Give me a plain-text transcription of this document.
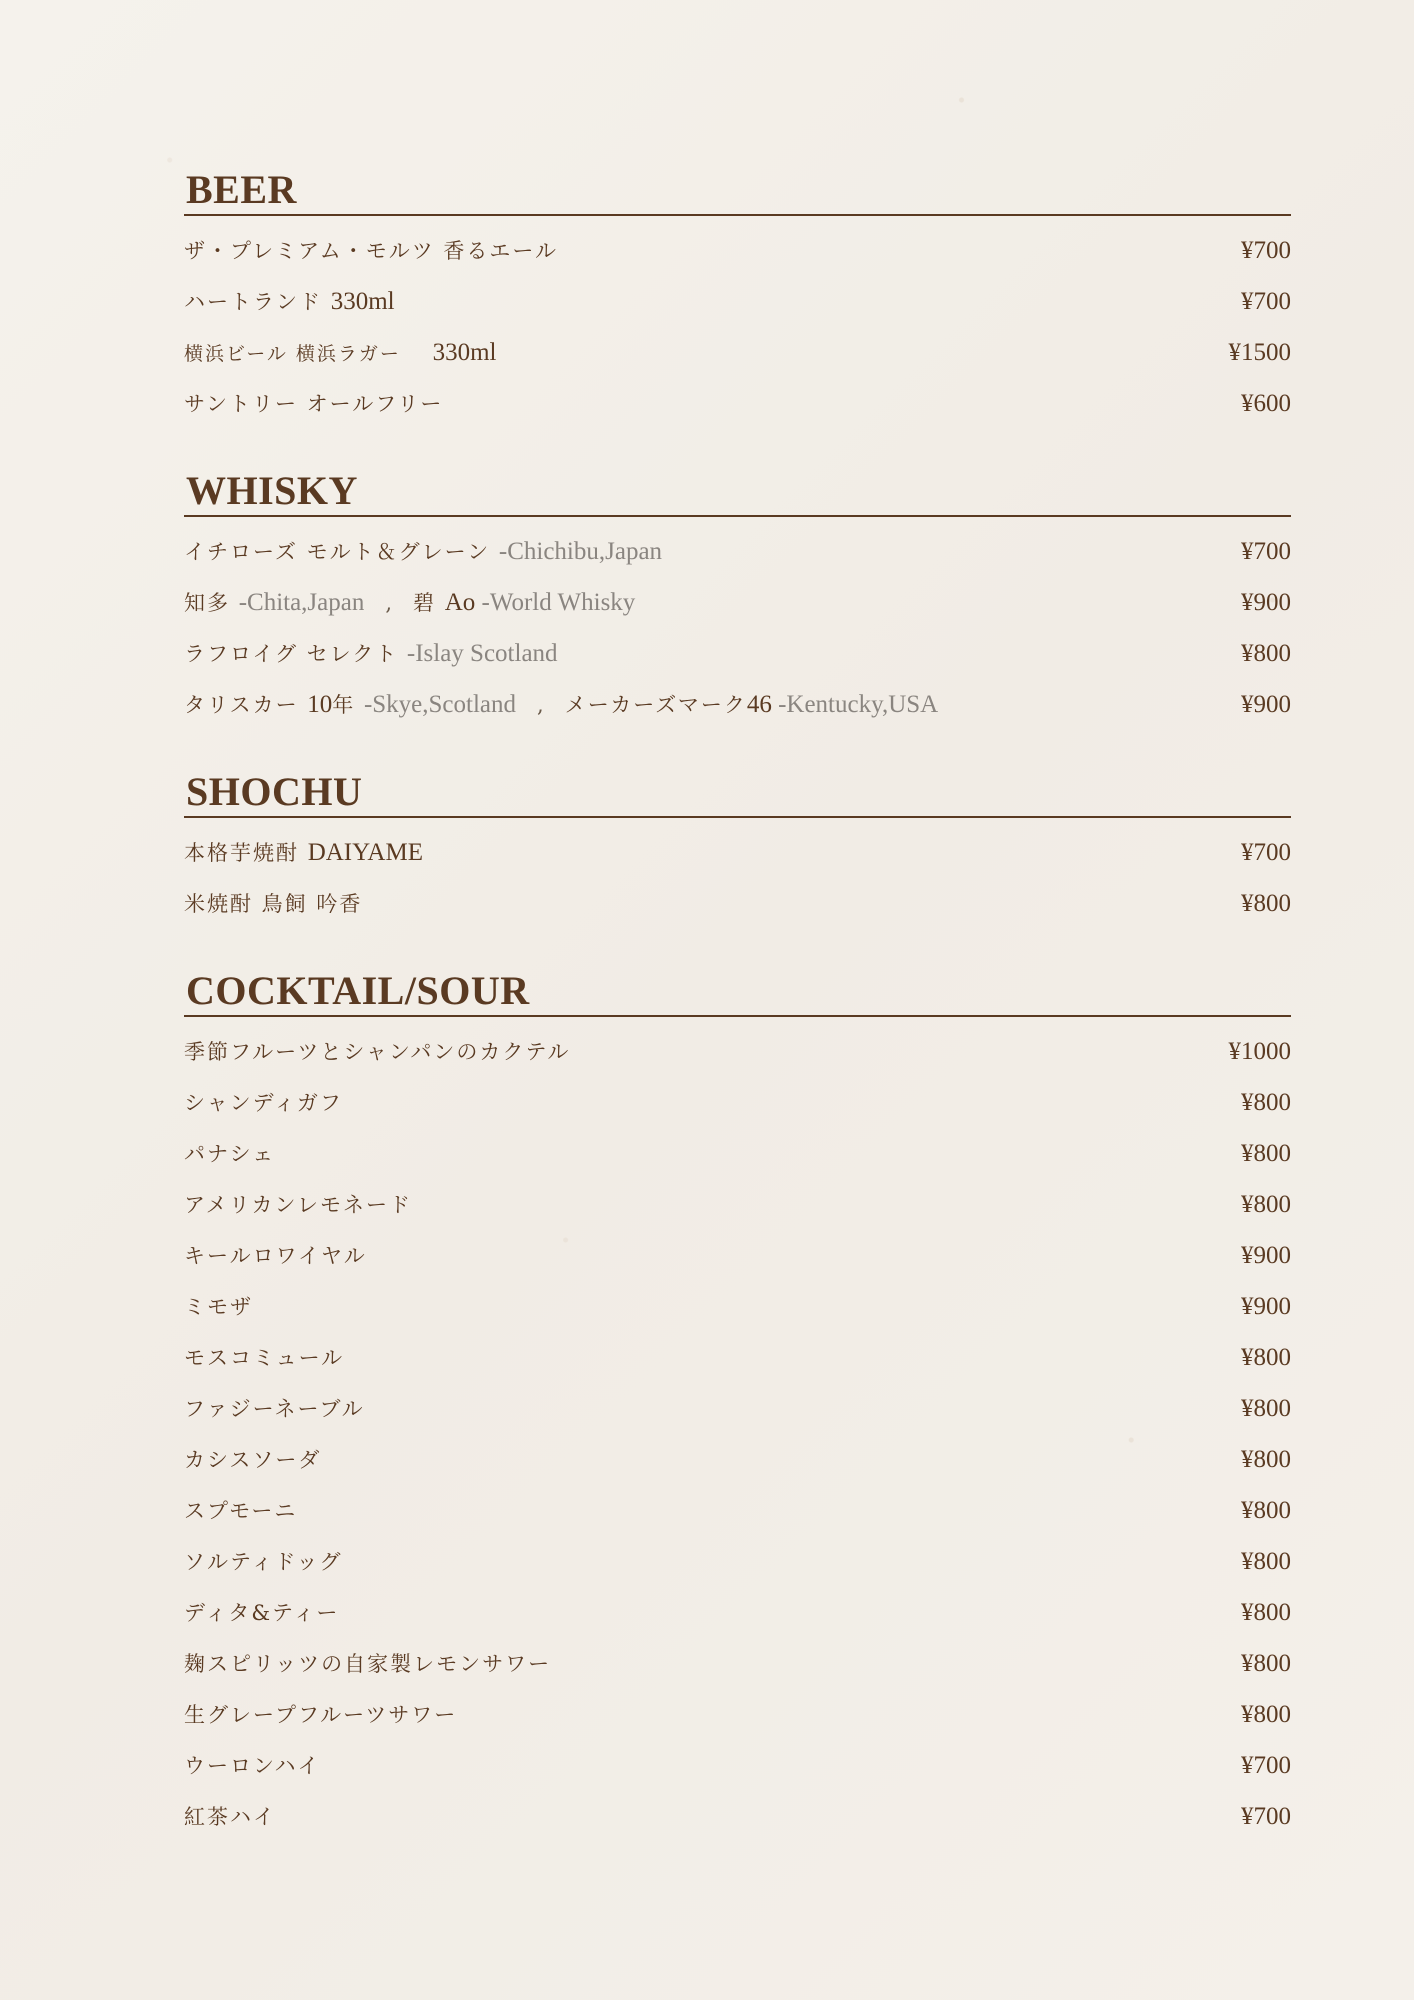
BEER
ザ・プレミアム・モルツ 香るエール	¥700
ハートランド 330ml	¥700
横浜ビール 横浜ラガー　 330ml	¥1500
サントリー オールフリー	¥600
WHISKY
イチローズ モルト＆グレーン -Chichibu,Japan	¥700
知多 -Chita,Japan　,　碧 Ao -World Whisky	¥900
ラフロイグ セレクト -Islay Scotland	¥800
タリスカー 10年 -Skye,Scotland　,　メーカーズマーク46 -Kentucky,USA	¥900
SHOCHU
本格芋焼酎 DAIYAME	¥700
米焼酎 鳥飼 吟香	¥800
COCKTAIL/SOUR
季節フルーツとシャンパンのカクテル	¥1000
シャンディガフ	¥800
パナシェ	¥800
アメリカンレモネード	¥800
キールロワイヤル	¥900
ミモザ	¥900
モスコミュール	¥800
ファジーネーブル	¥800
カシスソーダ	¥800
スプモーニ	¥800
ソルティドッグ	¥800
ディタ&ティー	¥800
麹スピリッツの自家製レモンサワー	¥800
生グレープフルーツサワー	¥800
ウーロンハイ	¥700
紅茶ハイ	¥700
